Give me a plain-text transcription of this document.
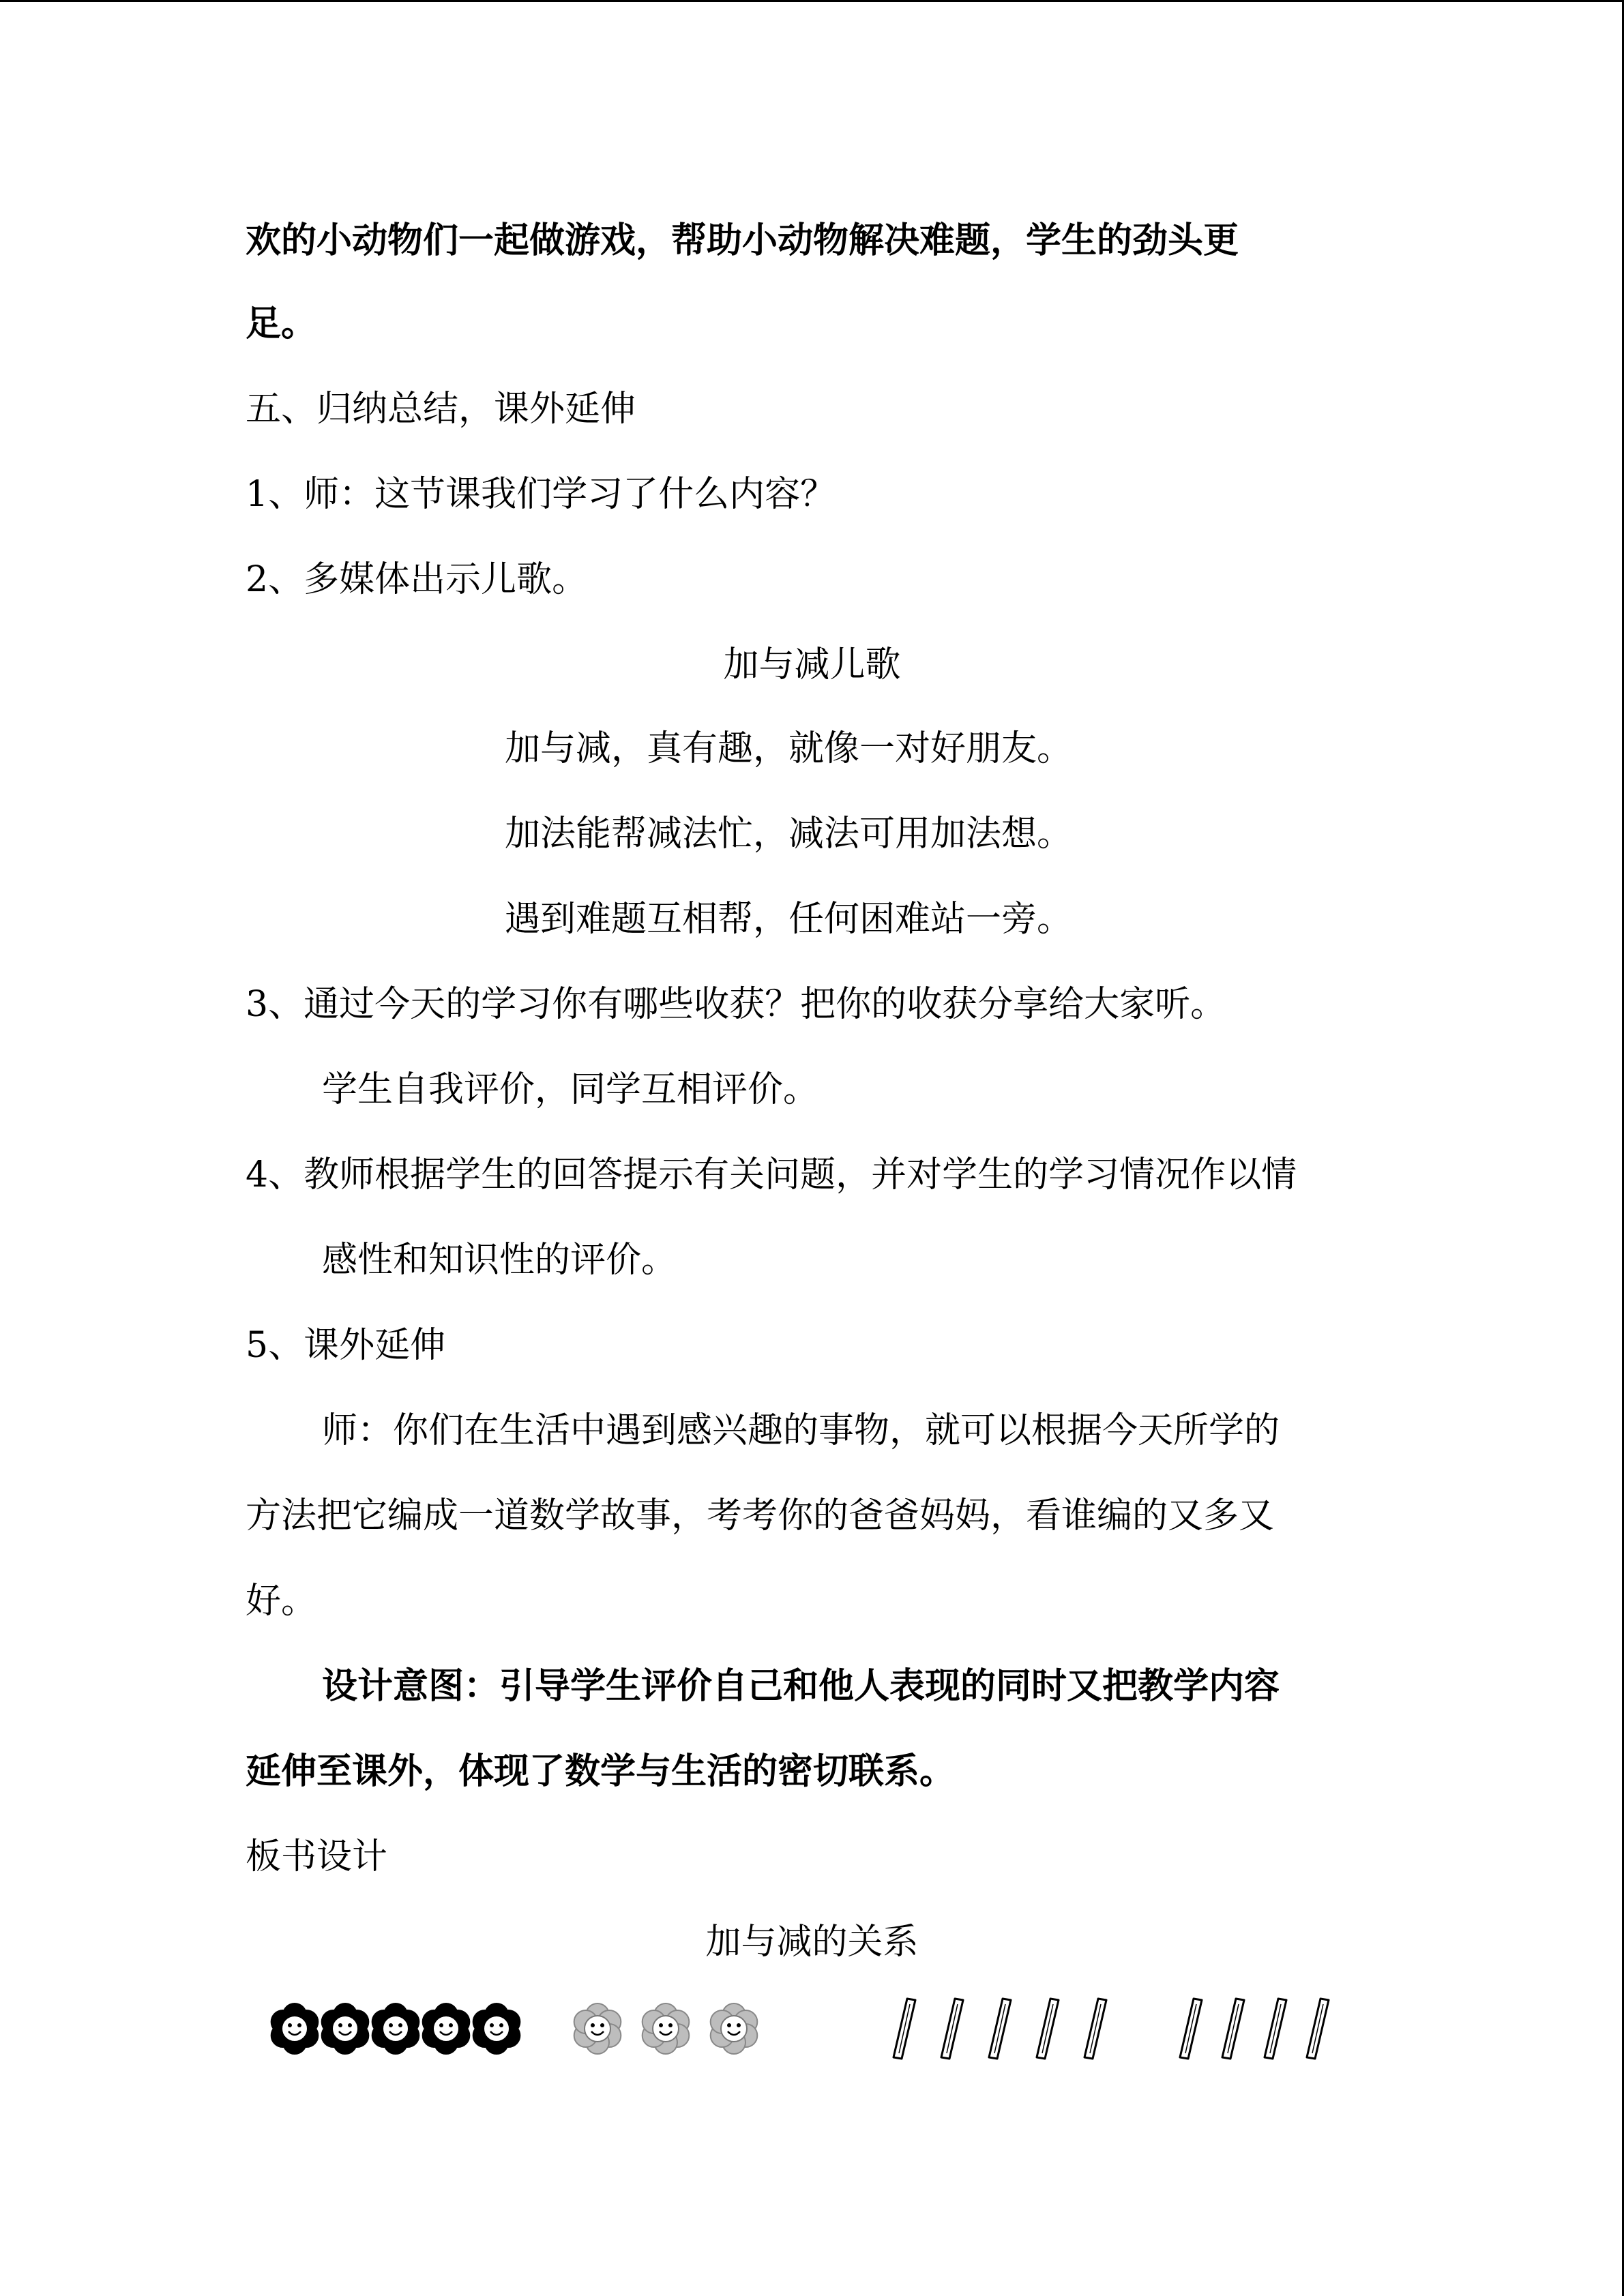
欢的小动物们一起做游戏，帮助小动物解决难题，学生的劲头更
足。
五、归纳总结，课外延伸
1、师：这节课我们学习了什么内容？
2、多媒体出示儿歌。
加与减儿歌
加与减，真有趣，就像一对好朋友。
加法能帮减法忙，减法可用加法想。
遇到难题互相帮，任何困难站一旁。
3、通过今天的学习你有哪些收获？把你的收获分享给大家听。
学生自我评价，同学互相评价。
4、教师根据学生的回答提示有关问题，并对学生的学习情况作以情
感性和知识性的评价。
5、课外延伸
师：你们在生活中遇到感兴趣的事物，就可以根据今天所学的
方法把它编成一道数学故事，考考你的爸爸妈妈，看谁编的又多又
好。
设计意图：引导学生评价自己和他人表现的同时又把教学内容
延伸至课外，体现了数学与生活的密切联系。
板书设计
加与减的关系
